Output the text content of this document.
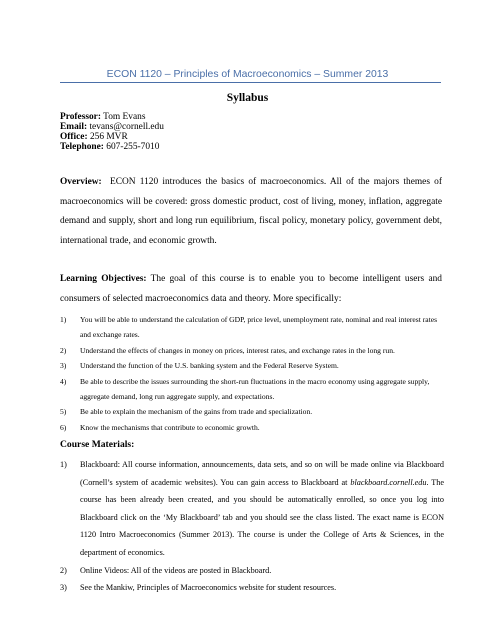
ECON 1120 – Principles of Macroeconomics – Summer 2013
Syllabus
Professor: Tom Evans
Email: tevans@cornell.edu
Office: 256 MVR
Telephone: 607-255-7010
Overview: ECON 1120 introduces the basics of macroeconomics. All of the majors themes of macroeconomics will be covered: gross domestic product, cost of living, money, inflation, aggregate demand and supply, short and long run equilibrium, fiscal policy, monetary policy, government debt, international trade, and economic growth.
Learning Objectives: The goal of this course is to enable you to become intelligent users and consumers of selected macroeconomics data and theory. More specifically:
1) You will be able to understand the calculation of GDP, price level, unemployment rate, nominal and real interest rates and exchange rates.
2) Understand the effects of changes in money on prices, interest rates, and exchange rates in the long run.
3) Understand the function of the U.S. banking system and the Federal Reserve System.
4) Be able to describe the issues surrounding the short-run fluctuations in the macro economy using aggregate supply, aggregate demand, long run aggregate supply, and expectations.
5) Be able to explain the mechanism of the gains from trade and specialization.
6) Know the mechanisms that contribute to economic growth.
Course Materials:
1) Blackboard: All course information, announcements, data sets, and so on will be made online via Blackboard (Cornell’s system of academic websites). You can gain access to Blackboard at blackboard.cornell.edu. The course has been already been created, and you should be automatically enrolled, so once you log into Blackboard click on the ‘My Blackboard’ tab and you should see the class listed. The exact name is ECON 1120 Intro Macroeconomics (Summer 2013). The course is under the College of Arts & Sciences, in the department of economics.
2) Online Videos: All of the videos are posted in Blackboard.
3) See the Mankiw, Principles of Macroeconomics website for student resources.
